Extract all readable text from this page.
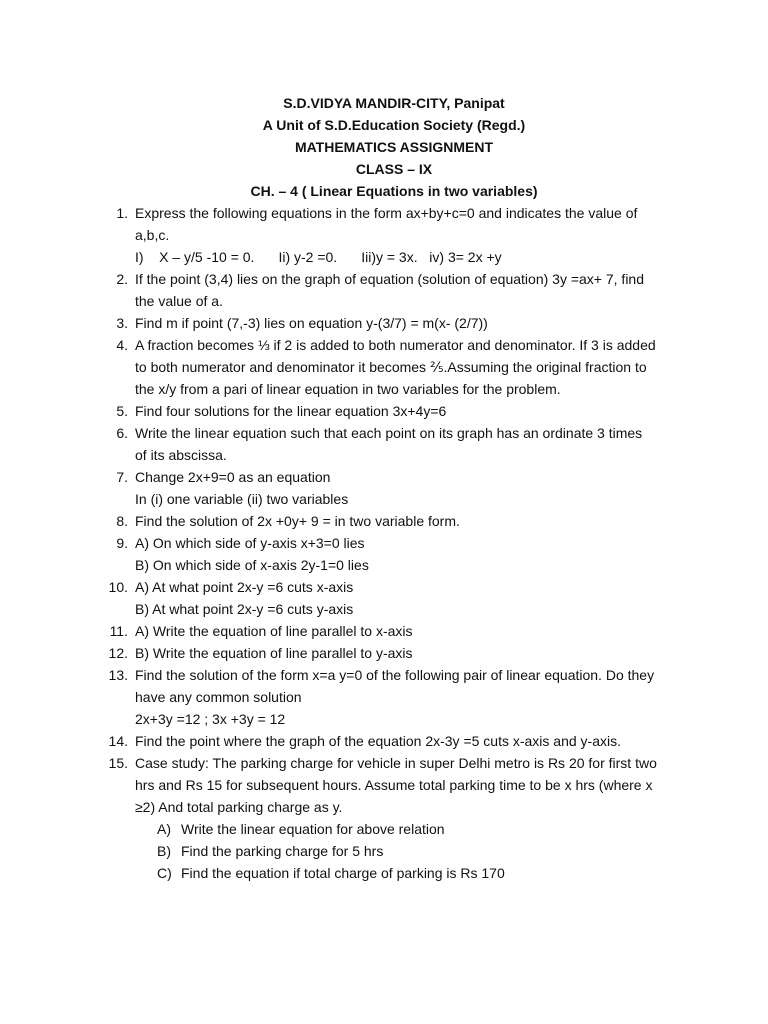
S.D.VIDYA MANDIR-CITY, Panipat
A Unit of S.D.Education Society (Regd.)
MATHEMATICS ASSIGNMENT
CLASS – IX
CH. – 4 ( Linear Equations in two variables)
1. Express the following equations in the form ax+by+c=0 and indicates the value of
a,b,c.
I)    X – y/5 -10 = 0. Ii) y-2 =0. Iii)y = 3x.   iv) 3= 2x +y
2. If the point (3,4) lies on the graph of equation (solution of equation) 3y =ax+ 7, find
the value of a.
3. Find m if point (7,-3) lies on equation y-(3/7) = m(x- (2/7))
4. A fraction becomes ⅓ if 2 is added to both numerator and denominator. If 3 is added
to both numerator and denominator it becomes ⅖.Assuming the original fraction to
the x/y from a pari of linear equation in two variables for the problem.
5. Find four solutions for the linear equation 3x+4y=6
6. Write the linear equation such that each point on its graph has an ordinate 3 times
of its abscissa.
7. Change 2x+9=0 as an equation
In (i) one variable (ii) two variables
8. Find the solution of 2x +0y+ 9 = in two variable form.
9. A) On which side of y-axis x+3=0 lies
B) On which side of x-axis 2y-1=0 lies
10. A) At what point 2x-y =6 cuts x-axis
B) At what point 2x-y =6 cuts y-axis
11. A) Write the equation of line parallel to x-axis
12. B) Write the equation of line parallel to y-axis
13. Find the solution of the form x=a y=0 of the following pair of linear equation. Do they
have any common solution
2x+3y =12 ; 3x +3y = 12
14. Find the point where the graph of the equation 2x-3y =5 cuts x-axis and y-axis.
15. Case study: The parking charge for vehicle in super Delhi metro is Rs 20 for first two
hrs and Rs 15 for subsequent hours. Assume total parking time to be x hrs (where x
≥2) And total parking charge as y.
A) Write the linear equation for above relation
B) Find the parking charge for 5 hrs
C) Find the equation if total charge of parking is Rs 170
